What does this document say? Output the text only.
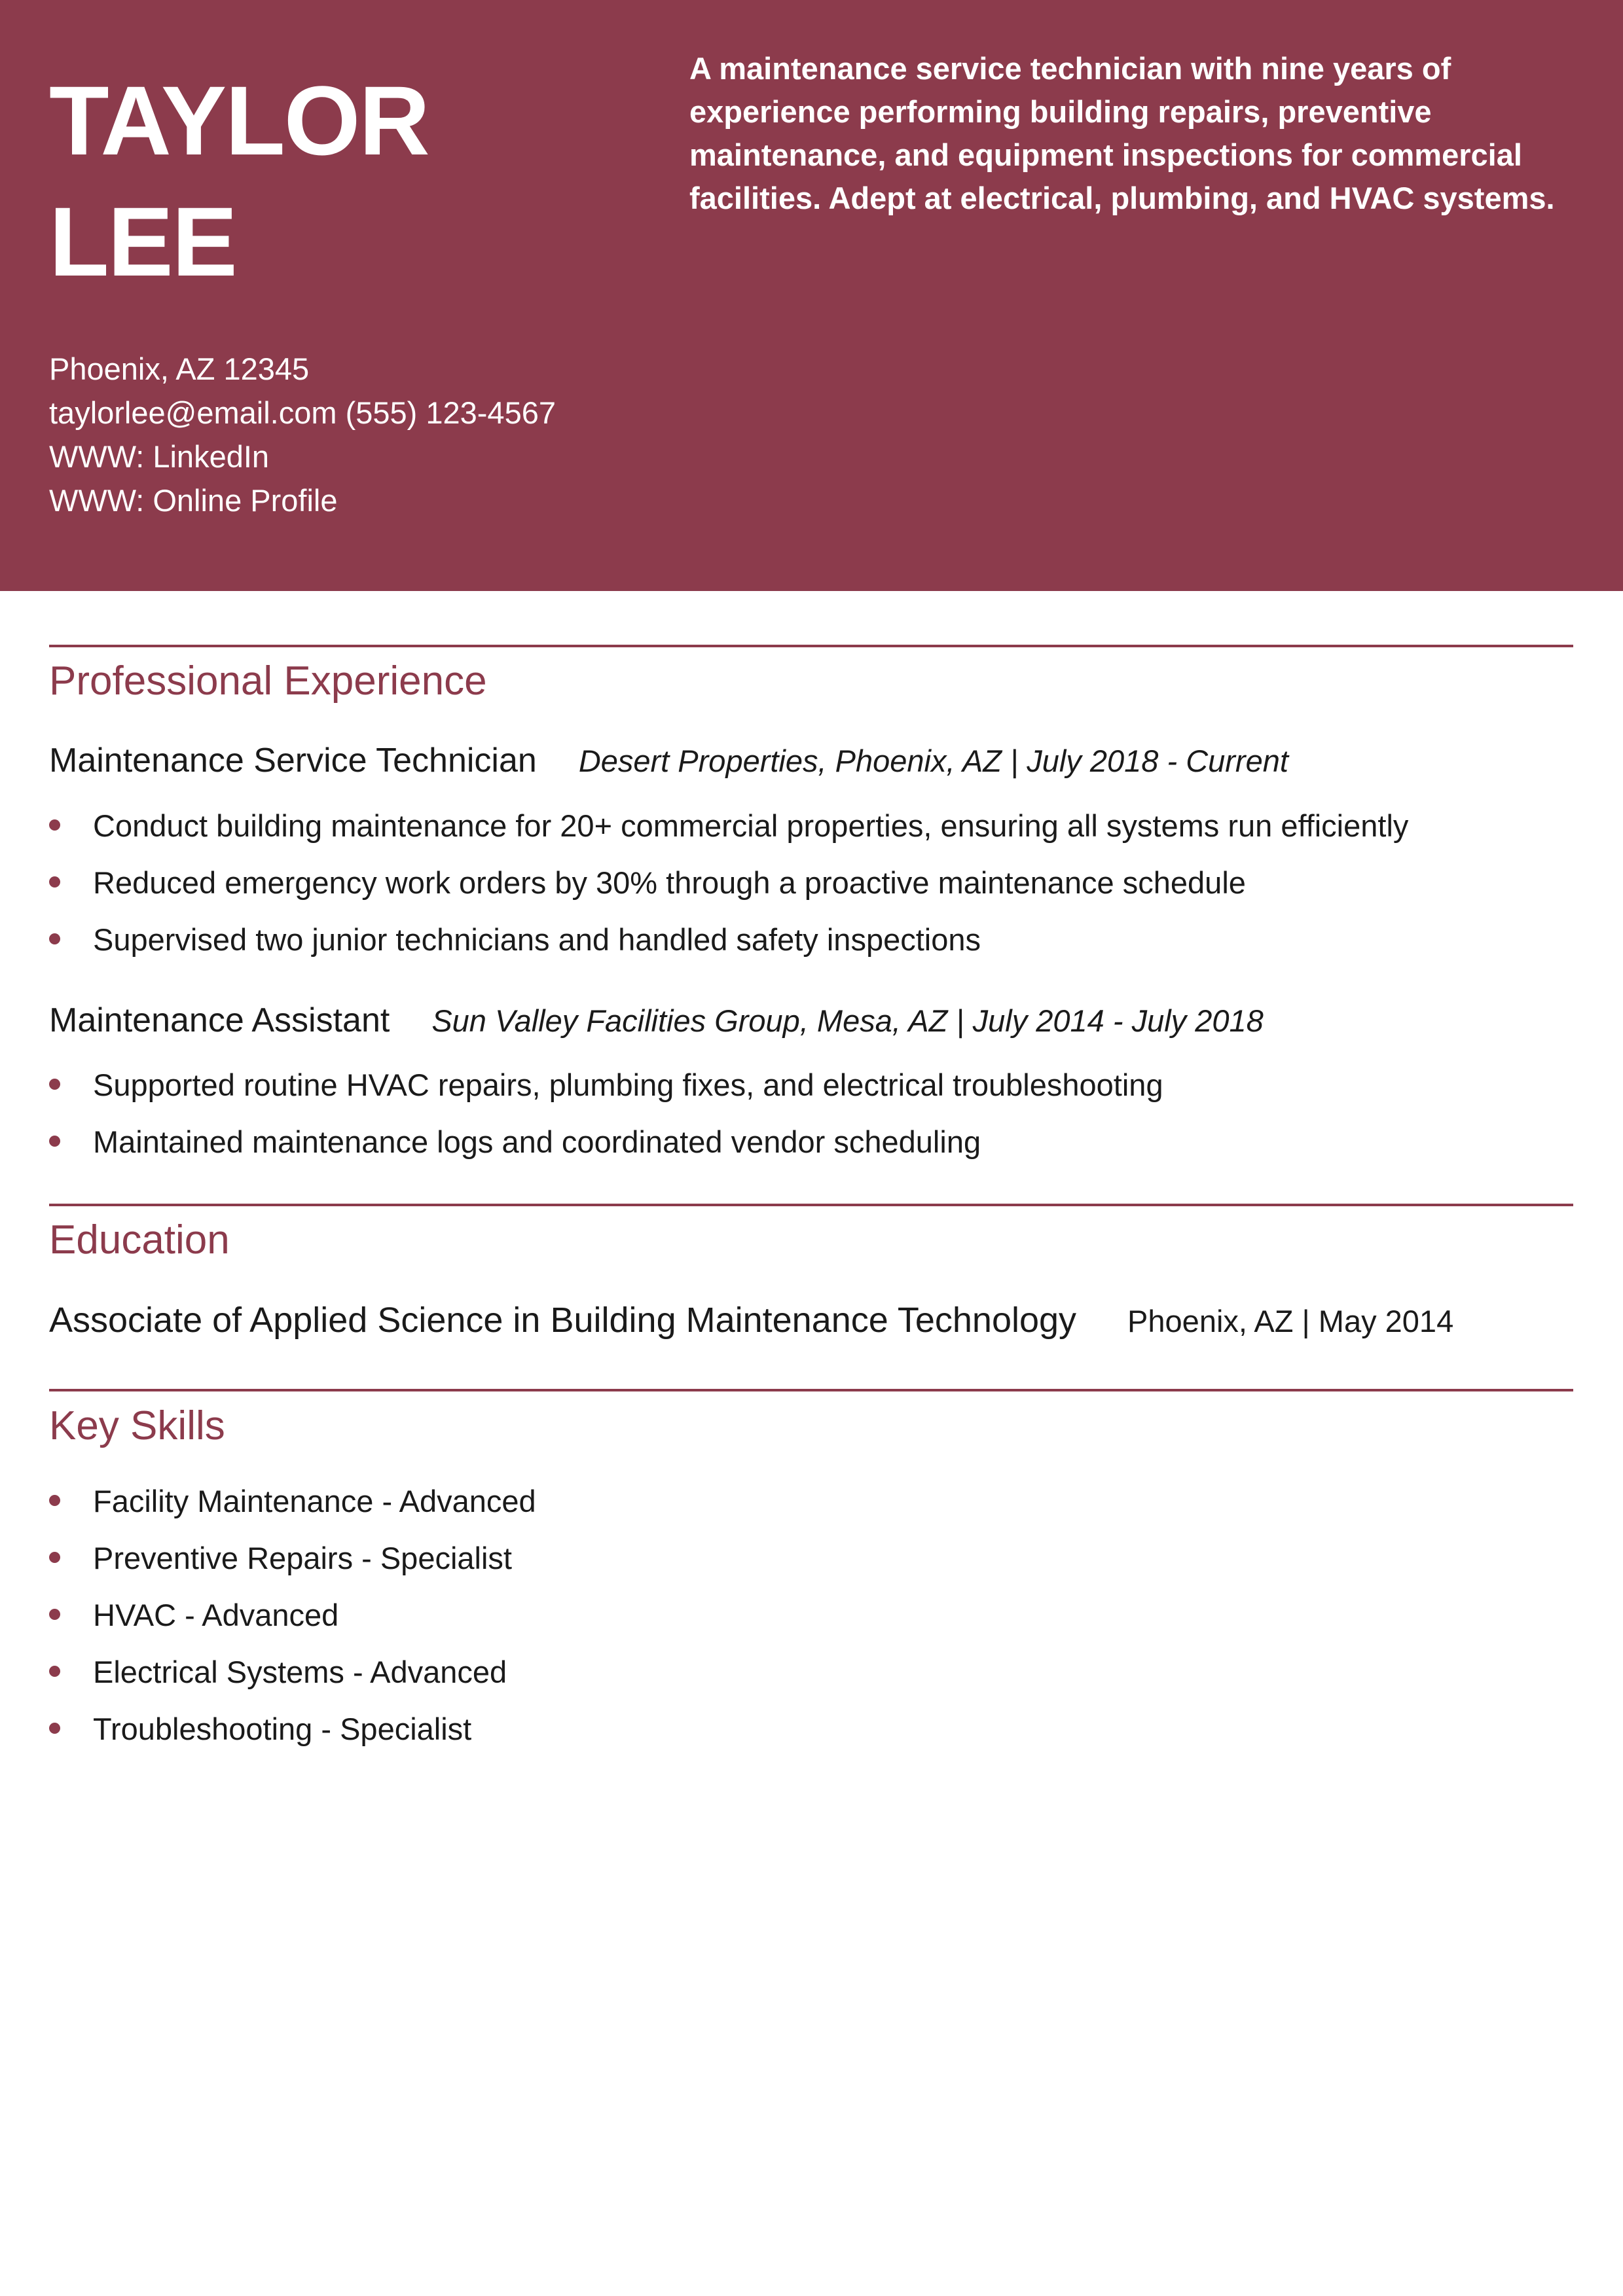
TAYLOR
LEE

A maintenance service technician with nine years of experience performing building repairs, preventive maintenance, and equipment inspections for commercial facilities. Adept at electrical, plumbing, and HVAC systems.

Phoenix, AZ 12345
taylorlee@email.com (555) 123-4567
WWW: LinkedIn
WWW: Online Profile
Professional Experience
Maintenance Service Technician Desert Properties, Phoenix, AZ | July 2018 - Current
Conduct building maintenance for 20+ commercial properties, ensuring all systems run efficiently
Reduced emergency work orders by 30% through a proactive maintenance schedule
Supervised two junior technicians and handled safety inspections
Maintenance Assistant Sun Valley Facilities Group, Mesa, AZ | July 2014 - July 2018
Supported routine HVAC repairs, plumbing fixes, and electrical troubleshooting
Maintained maintenance logs and coordinated vendor scheduling
Education
Associate of Applied Science in Building Maintenance Technology Phoenix, AZ | May 2014
Key Skills
Facility Maintenance - Advanced
Preventive Repairs - Specialist
HVAC - Advanced
Electrical Systems - Advanced
Troubleshooting - Specialist
